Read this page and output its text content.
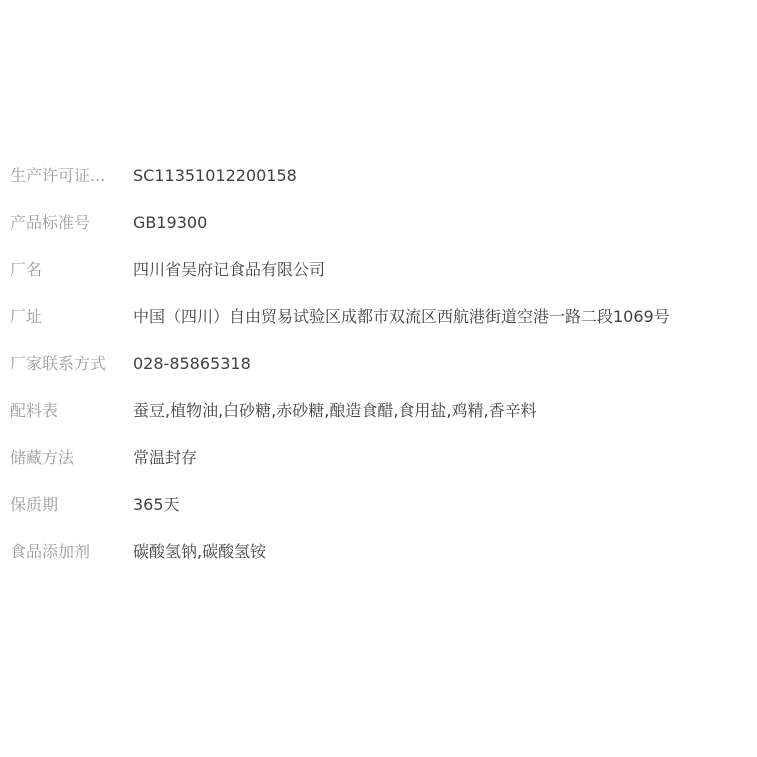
生产许可证...	SC11351012200158
产品标准号	GB19300
厂名	四川省吴府记食品有限公司
厂址	中国（四川）自由贸易试验区成都市双流区西航港街道空港一路二段1069号
厂家联系方式	028-85865318
配料表	蚕豆,植物油,白砂糖,赤砂糖,酿造食醋,食用盐,鸡精,香辛料
储藏方法	常温封存
保质期	365天
食品添加剂	碳酸氢钠,碳酸氢铵
